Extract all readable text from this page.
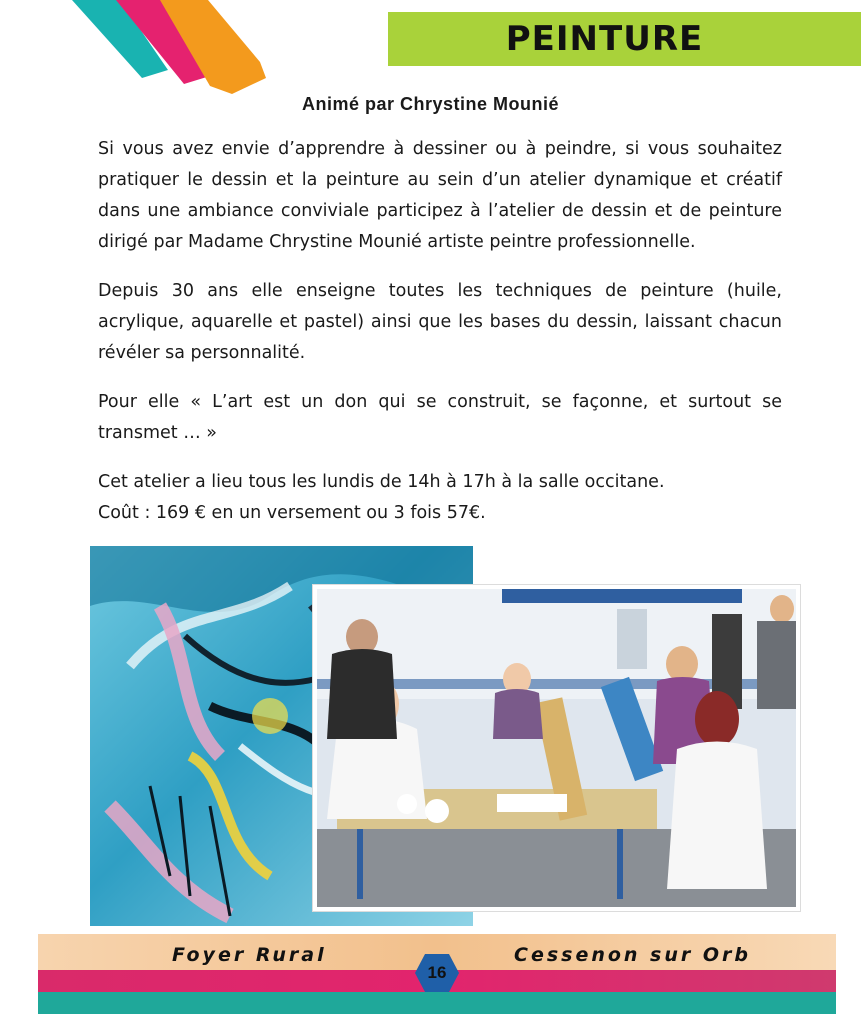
PEINTURE
Animé par Chrystine Mounié

Si vous avez envie d’apprendre à dessiner ou à peindre, si vous souhaitez pratiquer le dessin et la peinture au sein d’un atelier dynamique et créatif dans une ambiance conviviale participez à l’atelier de dessin et de peinture dirigé par Madame Chrystine Mounié artiste peintre professionnelle.

Depuis 30 ans elle enseigne toutes les techniques de peinture (huile, acrylique, aquarelle et pastel) ainsi que les bases du dessin, laissant chacun révéler sa personnalité.

Pour elle « L’art est un don qui se construit, se façonne, et surtout se transmet … »

Cet atelier a lieu tous les lundis de 14h à 17h à la salle occitane.

Coût : 169 € en un versement ou 3 fois 57€.

Foyer Rural	Cessenon sur Orb
16
